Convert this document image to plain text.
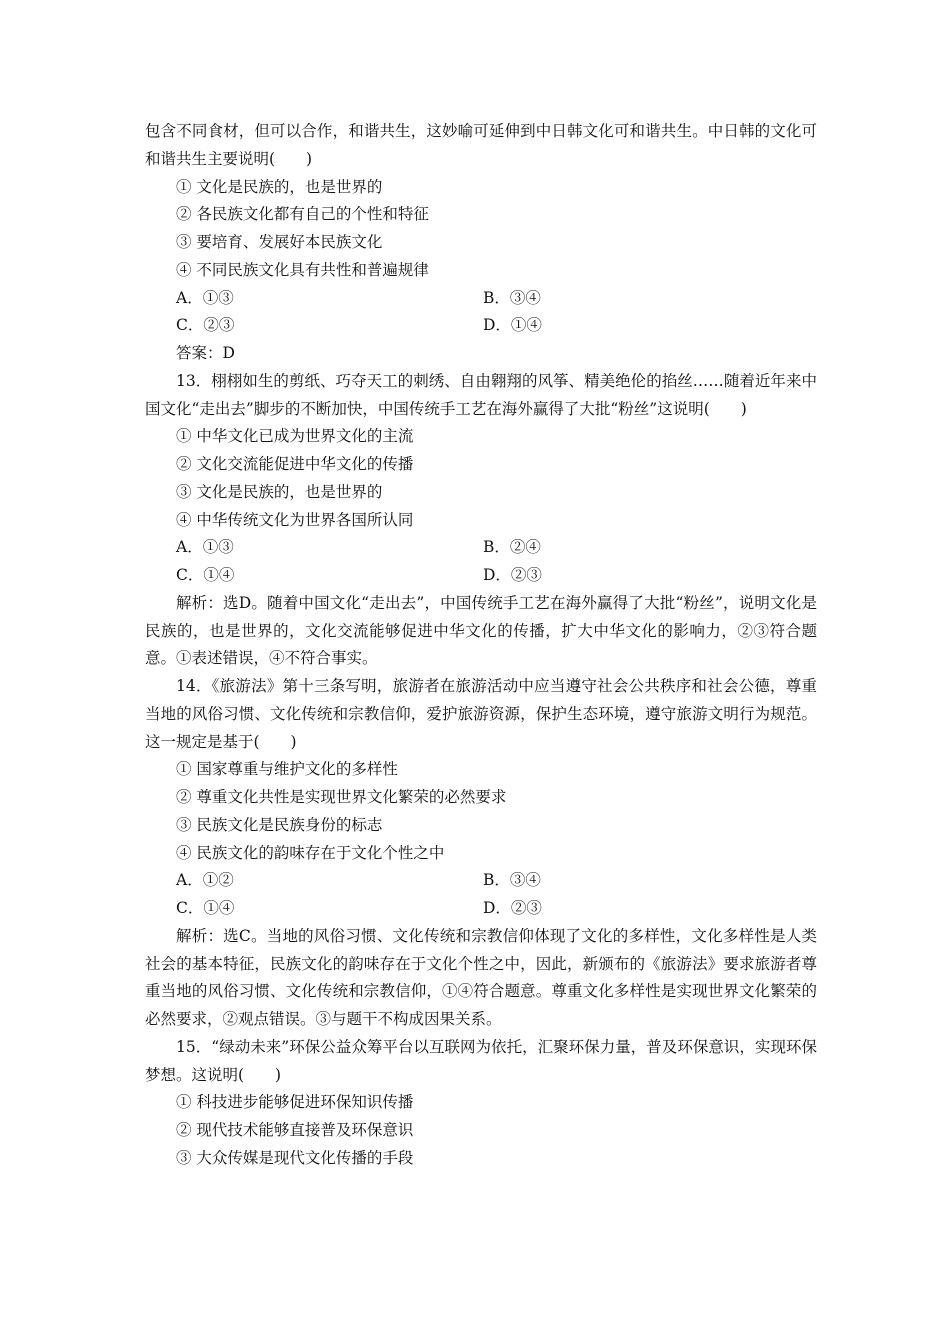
包含不同食材，但可以合作，和谐共生，这妙喻可延伸到中日韩文化可和谐共生。中日韩的文化可和谐共生主要说明(　　)

① 文化是民族的，也是世界的

② 各民族文化都有自己的个性和特征

③ 要培育、发展好本民族文化

④ 不同民族文化具有共性和普遍规律

A．①③	B．③④
C．②③	D．①④

答案：D

13．栩栩如生的剪纸、巧夺天工的刺绣、自由翱翔的风筝、精美绝伦的掐丝……随着近年来中国文化“走出去”脚步的不断加快，中国传统手工艺在海外赢得了大批“粉丝”这说明(　　)

① 中华文化已成为世界文化的主流

② 文化交流能促进中华文化的传播

③ 文化是民族的，也是世界的

④ 中华传统文化为世界各国所认同

A．①③	B．②④
C．①④	D．②③

解析：选D。随着中国文化“走出去”，中国传统手工艺在海外赢得了大批“粉丝”，说明文化是民族的，也是世界的，文化交流能够促进中华文化的传播，扩大中华文化的影响力，②③符合题意。①表述错误，④不符合事实。

14．《旅游法》第十三条写明，旅游者在旅游活动中应当遵守社会公共秩序和社会公德，尊重当地的风俗习惯、文化传统和宗教信仰，爱护旅游资源，保护生态环境，遵守旅游文明行为规范。这一规定是基于(　　)

① 国家尊重与维护文化的多样性

② 尊重文化共性是实现世界文化繁荣的必然要求

③ 民族文化是民族身份的标志

④ 民族文化的韵味存在于文化个性之中

A．①②	B．③④
C．①④	D．②③

解析：选C。当地的风俗习惯、文化传统和宗教信仰体现了文化的多样性，文化多样性是人类社会的基本特征，民族文化的韵味存在于文化个性之中，因此，新颁布的《旅游法》要求旅游者尊重当地的风俗习惯、文化传统和宗教信仰，①④符合题意。尊重文化多样性是实现世界文化繁荣的必然要求，②观点错误。③与题干不构成因果关系。

15．“绿动未来”环保公益众筹平台以互联网为依托，汇聚环保力量，普及环保意识，实现环保梦想。这说明(　　)

① 科技进步能够促进环保知识传播

② 现代技术能够直接普及环保意识

③ 大众传媒是现代文化传播的手段
